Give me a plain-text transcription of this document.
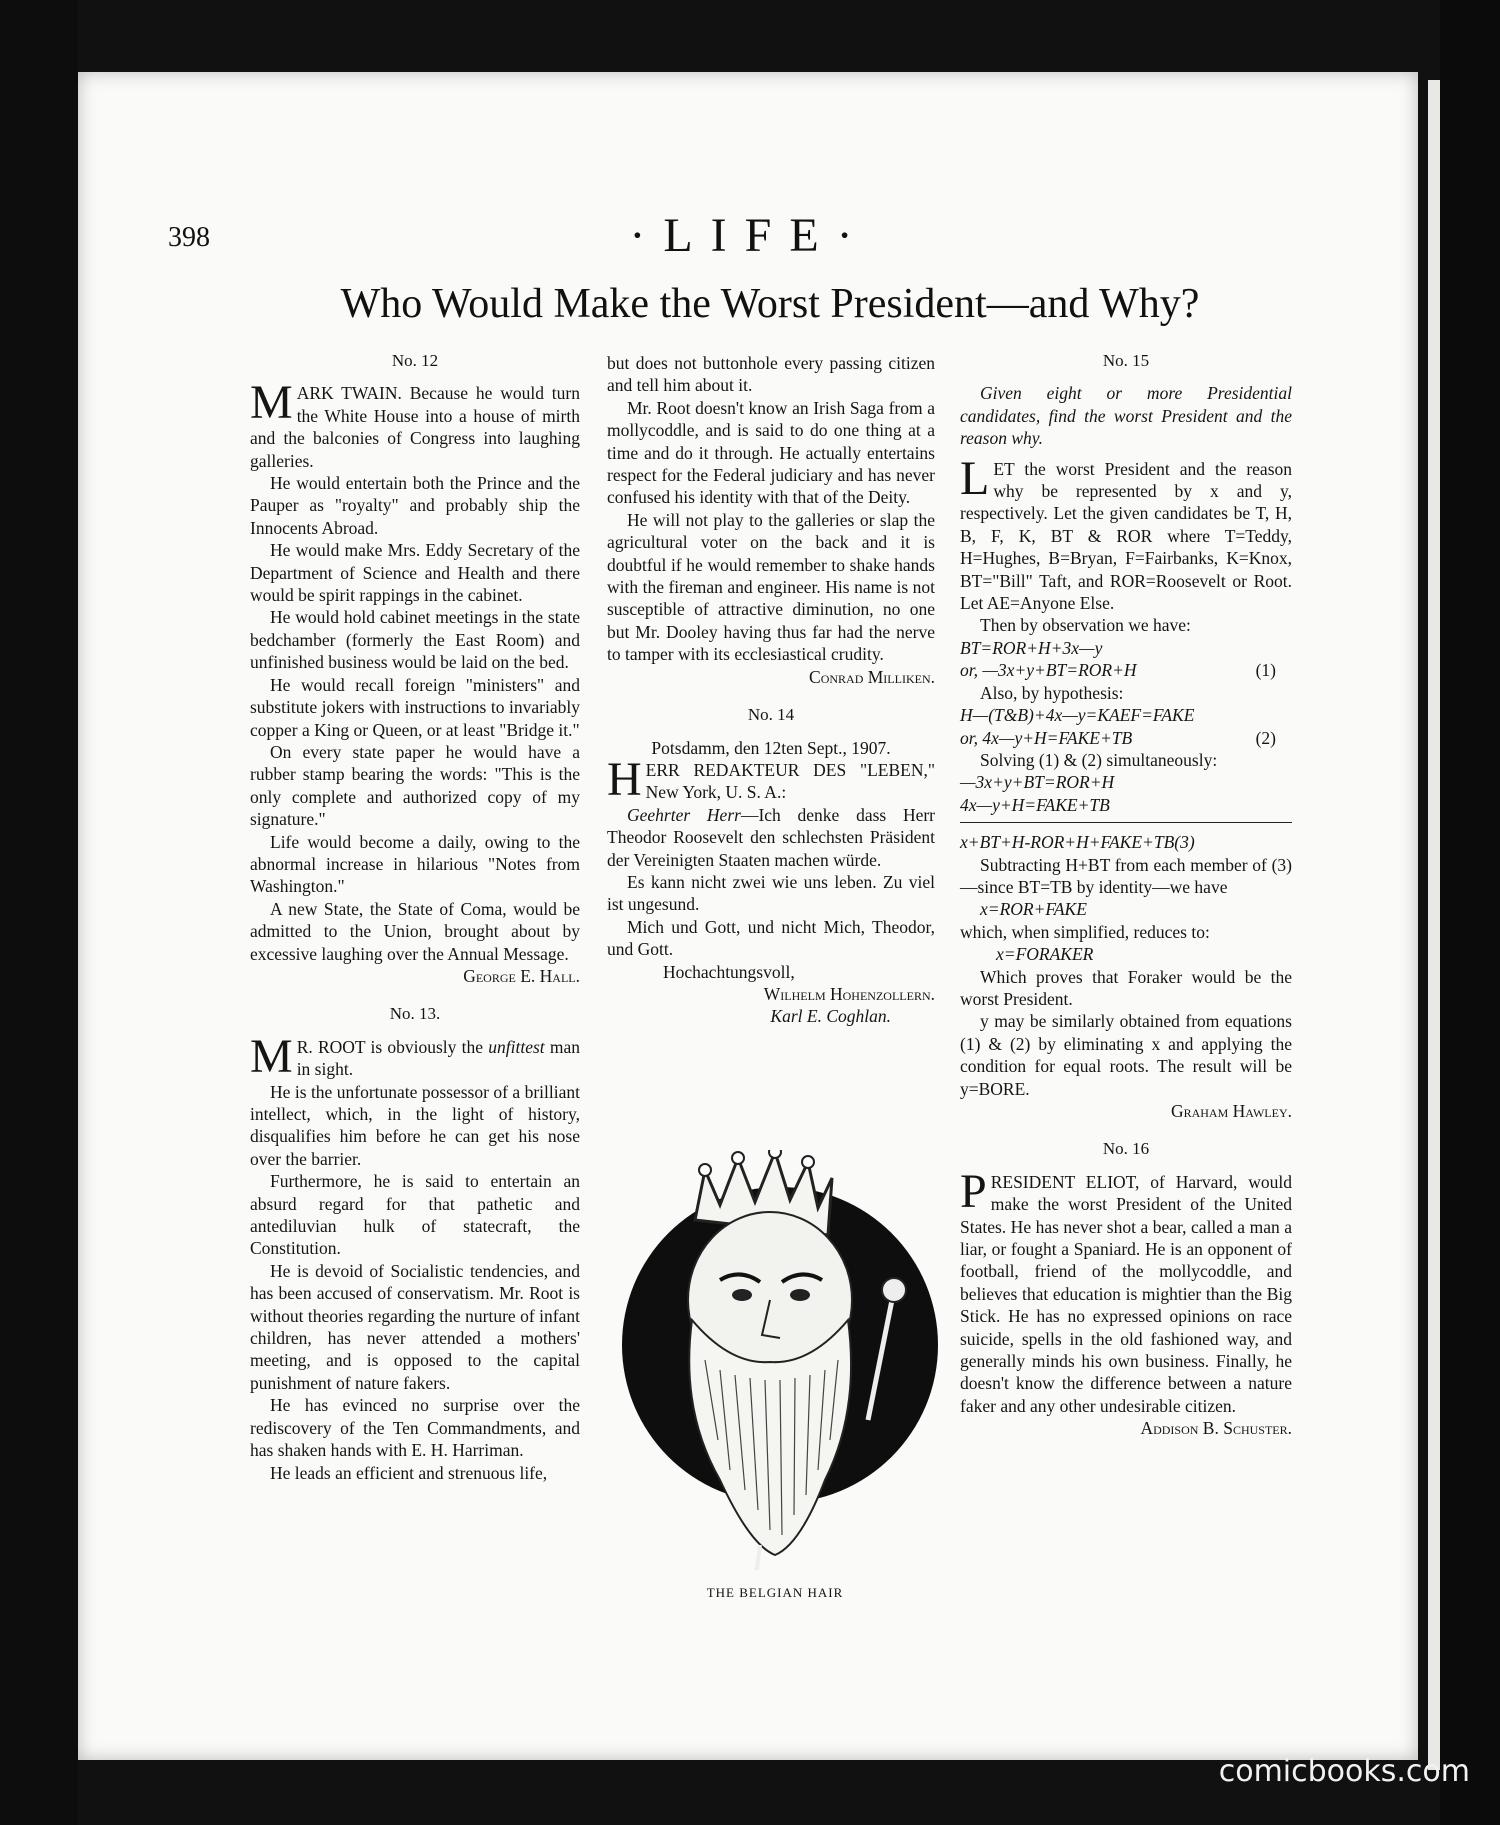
398	·LIFE·
Who Would Make the Worst President—and Why?
No. 12

MARK TWAIN. Because he would turn the White House into a house of mirth and the balconies of Congress into laughing galleries.

He would entertain both the Prince and the Pauper as "royalty" and probably ship the Innocents Abroad.

He would make Mrs. Eddy Secretary of the Department of Science and Health and there would be spirit rappings in the cabinet.

He would hold cabinet meetings in the state bedchamber (formerly the East Room) and unfinished business would be laid on the bed.

He would recall foreign "ministers" and substitute jokers with instructions to invariably copper a King or Queen, or at least "Bridge it."

On every state paper he would have a rubber stamp bearing the words: "This is the only complete and authorized copy of my signature."

Life would become a daily, owing to the abnormal increase in hilarious "Notes from Washington."

A new State, the State of Coma, would be admitted to the Union, brought about by excessive laughing over the Annual Message.

George E. Hall.

No. 13.

M R. ROOT is obviously the unfittest man in sight.

He is the unfortunate possessor of a brilliant intellect, which, in the light of history, disqualifies him before he can get his nose over the barrier.

Furthermore, he is said to entertain an absurd regard for that pathetic and antediluvian hulk of statecraft, the Constitution.

He is devoid of Socialistic tendencies, and has been accused of conservatism. Mr. Root is without theories regarding the nurture of infant children, has never attended a mothers' meeting, and is opposed to the capital punishment of nature fakers.

He has evinced no surprise over the rediscovery of the Ten Commandments, and has shaken hands with E. H. Harriman.

He leads an efficient and strenuous life,

but does not buttonhole every passing citizen and tell him about it.

Mr. Root doesn't know an Irish Saga from a mollycoddle, and is said to do one thing at a time and do it through. He actually entertains respect for the Federal judiciary and has never confused his identity with that of the Deity.

He will not play to the galleries or slap the agricultural voter on the back and it is doubtful if he would remember to shake hands with the fireman and engineer. His name is not susceptible of attractive diminution, no one but Mr. Dooley having thus far had the nerve to tamper with its ecclesiastical crudity.

Conrad Milliken.

No. 14

Potsdamm, den 12ten Sept., 1907.

HERR REDAKTEUR DES "LEBEN," New York, U. S. A.:

Geehrter Herr—Ich denke dass Herr Theodor Roosevelt den schlechsten Präsident der Vereinigten Staaten machen würde.

Es kann nicht zwei wie uns leben. Zu viel ist ungesund.

Mich und Gott, und nicht Mich, Theodor, und Gott.

Hochachtungsvoll,

Wilhelm Hohenzollern.

Karl E. Coghlan.

THE BELGIAN HAIR
No. 15

Given eight or more Presidential candidates, find the worst President and the reason why.

LET the worst President and the reason why be represented by x and y, respectively. Let the given candidates be T, H, B, F, K, BT & ROR where T=Teddy, H=Hughes, B=Bryan, F=Fairbanks, K=Knox, BT="Bill" Taft, and ROR=Roosevelt or Root. Let AE=Anyone Else.

Then by observation we have:

BT=ROR+H+3x—y

or, —3x+y+BT=ROR+H	(1)

Also, by hypothesis:

H—(T&B)+4x—y=KAEF=FAKE

or, 4x—y+H=FAKE+TB	(2)

Solving (1) & (2) simultaneously:

—3x+y+BT=ROR+H

4x—y+H=FAKE+TB

x+BT+H-ROR+H+FAKE+TB(3)

Subtracting H+BT from each member of (3)—since BT=TB by identity—we have

x=ROR+FAKE

which, when simplified, reduces to:

x=FORAKER

Which proves that Foraker would be the worst President.

y may be similarly obtained from equations (1) & (2) by eliminating x and applying the condition for equal roots. The result will be y=BORE.

Graham Hawley.

No. 16

PRESIDENT ELIOT, of Harvard, would make the worst President of the United States. He has never shot a bear, called a man a liar, or fought a Spaniard. He is an opponent of football, friend of the mollycoddle, and believes that education is mightier than the Big Stick. He has no expressed opinions on race suicide, spells in the old fashioned way, and generally minds his own business. Finally, he doesn't know the difference between a nature faker and any other undesirable citizen.

Addison B. Schuster.

comicbooks.com
